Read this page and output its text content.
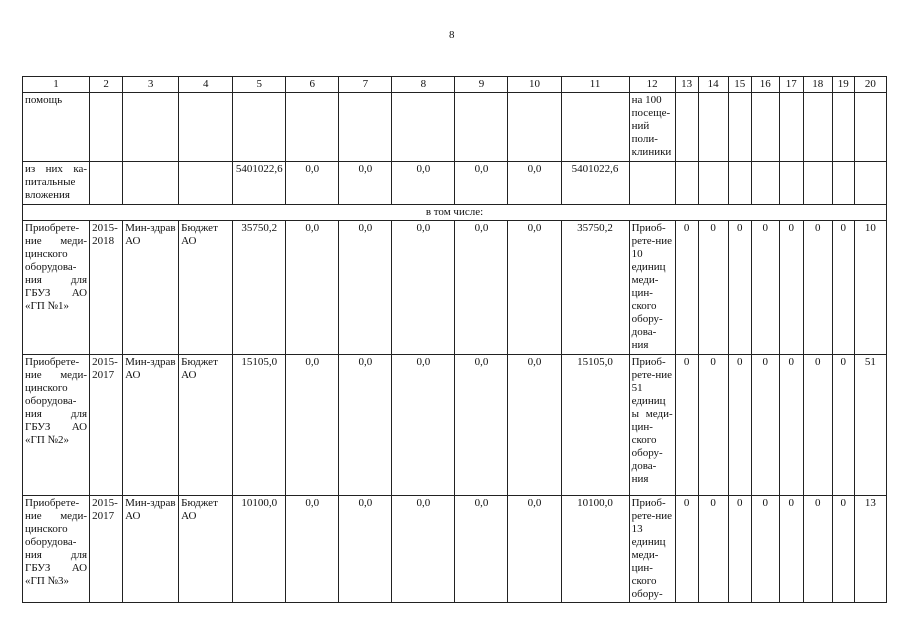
8
1	2	3	4	5	6	7	8	9	10	11	12	13	14	15	16	17	18	19	20
помощь											на 100 посеще-ний поли-клиники								
из них ка-питальные вложения				5401022,6	0,0	0,0	0,0	0,0	0,0	5401022,6									
в том числе:																			
Приобрете-ние меди-цинского оборудова-ния для ГБУЗ АО «ГП №1»	2015-2018	Мин-здрав АО	Бюджет АО	35750,2	0,0	0,0	0,0	0,0	0,0	35750,2	Приоб-рете-ние 10 единиц меди-цин-ского обору-дова-ния	0	0	0	0	0	0	0	10
Приобрете-ние меди-цинского оборудова-ния для ГБУЗ АО «ГП №2»	2015-2017	Мин-здрав АО	Бюджет АО	15105,0	0,0	0,0	0,0	0,0	0,0	15105,0	Приоб-рете-ние 51 единицы меди-цин-ского обору-дова-ния	0	0	0	0	0	0	0	51
Приобрете-ние меди-цинского оборудова-ния для ГБУЗ АО «ГП №3»	2015-2017	Мин-здрав АО	Бюджет АО	10100,0	0,0	0,0	0,0	0,0	0,0	10100,0	Приоб-рете-ние 13 единиц меди-цин-ского обору-	0	0	0	0	0	0	0	13
